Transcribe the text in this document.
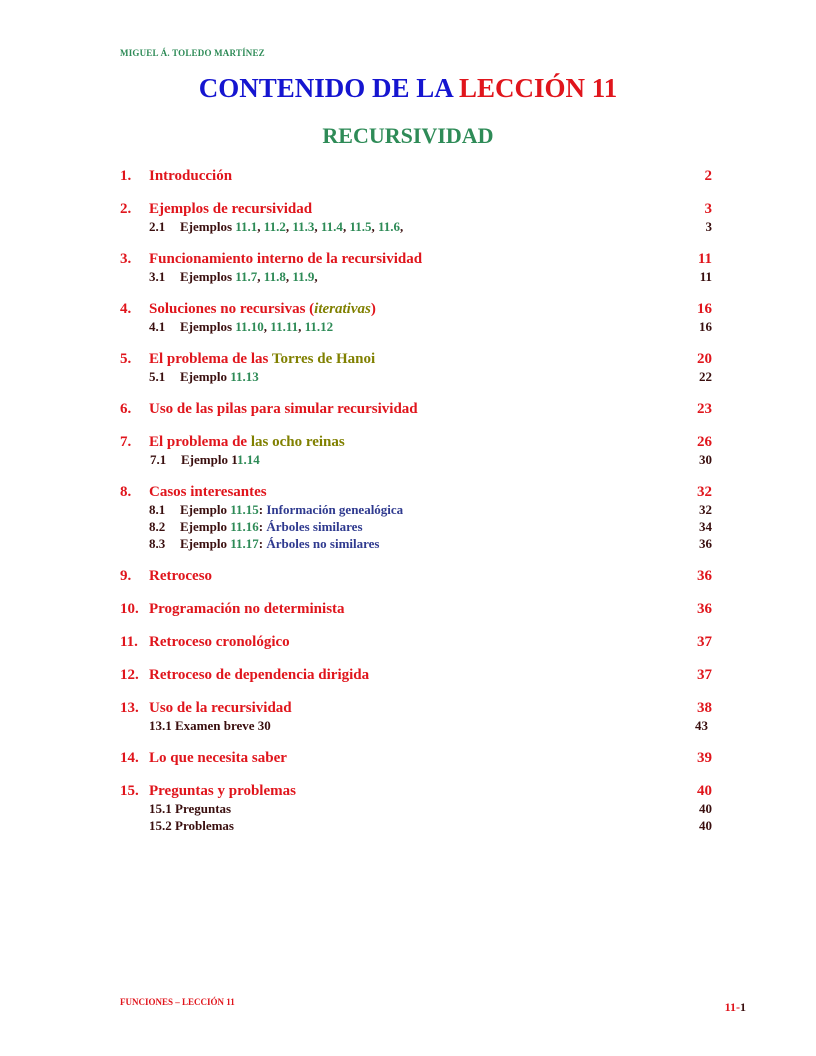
MIGUEL Á. TOLEDO MARTÍNEZ
CONTENIDO DE LA LECCIÓN 11
RECURSIVIDAD
1. Introducción	2
2. Ejemplos de recursividad	3
2.1 Ejemplos 11.1, 11.2, 11.3, 11.4, 11.5, 11.6,	3
3. Funcionamiento interno de la recursividad	11
3.1 Ejemplos 11.7, 11.8, 11.9,	11
4. Soluciones no recursivas (iterativas)	16
4.1 Ejemplos 11.10, 11.11, 11.12	16
5. El problema de las Torres de Hanoi	20
5.1 Ejemplo 11.13	22
6. Uso de las pilas para simular recursividad	23
7. El problema de las ocho reinas	26
7.1 Ejemplo 11.14	30
8. Casos interesantes	32
8.1 Ejemplo 11.15: Información genealógica	32
8.2 Ejemplo 11.16: Árboles similares	34
8.3 Ejemplo 11.17: Árboles no similares	36
9. Retroceso	36
10. Programación no determinista	36
11. Retroceso cronológico	37
12. Retroceso de dependencia dirigida	37
13. Uso de la recursividad	38
13.1 Examen breve 30	43
14. Lo que necesita saber	39
15. Preguntas y problemas	40
15.1 Preguntas	40
15.2 Problemas	40
FUNCIONES – LECCIÓN 11	11-1
